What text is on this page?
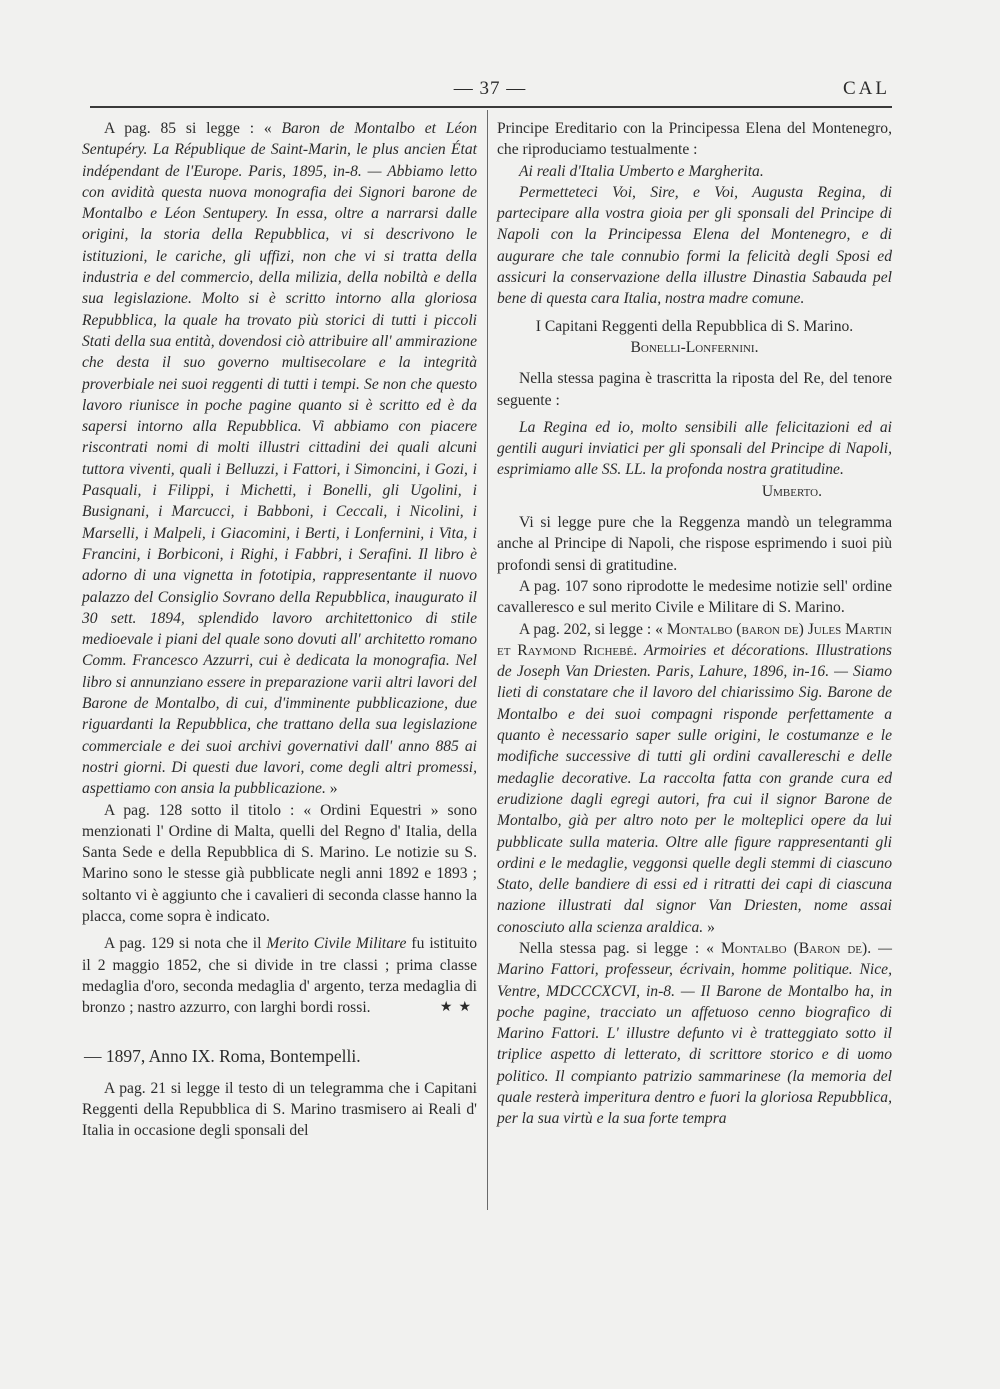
— 37 —	CAL

A pag. 85 si legge : « Baron de Montalbo et Léon Sentupéry. La République de Saint-Marin, le plus ancien État indépendant de l'Europe. Paris, 1895, in-8. — Abbiamo letto con avidità questa nuova monografia dei Signori barone de Montalbo e Léon Sentupery. In essa, oltre a narrarsi dalle origini, la storia della Repubblica, vi si descrivono le istituzioni, le cariche, gli uffizi, non che vi si tratta della industria e del commercio, della milizia, della nobiltà e della sua legislazione. Molto si è scritto intorno alla gloriosa Repubblica, la quale ha trovato più storici di tutti i piccoli Stati della sua entità, dovendosi ciò attribuire all' ammirazione che desta il suo governo multisecolare e la integrità proverbiale nei suoi reggenti di tutti i tempi. Se non che questo lavoro riunisce in poche pagine quanto si è scritto ed è da sapersi intorno alla Repubblica. Vi abbiamo con piacere riscontrati nomi di molti illustri cittadini dei quali alcuni tuttora viventi, quali i Belluzzi, i Fattori, i Simoncini, i Gozi, i Pasquali, i Filippi, i Michetti, i Bonelli, gli Ugolini, i Busignani, i Marcucci, i Babboni, i Ceccali, i Nicolini, i Marselli, i Malpeli, i Giacomini, i Berti, i Lonfernini, i Vita, i Francini, i Borbiconi, i Righi, i Fabbri, i Serafini. Il libro è adorno di una vignetta in fototipia, rappresentante il nuovo palazzo del Consiglio Sovrano della Repubblica, inaugurato il 30 sett. 1894, splendido lavoro architettonico di stile medioevale i piani del quale sono dovuti all' architetto romano Comm. Francesco Azzurri, cui è dedicata la monografia. Nel libro si annunziano essere in preparazione varii altri lavori del Barone de Montalbo, di cui, d'imminente pubblicazione, due riguardanti la Repubblica, che trattano della sua legislazione commerciale e dei suoi archivi governativi dall' anno 885 ai nostri giorni. Di questi due lavori, come degli altri promessi, aspettiamo con ansia la pubblicazione. »

A pag. 128 sotto il titolo : « Ordini Equestri » sono menzionati l' Ordine di Malta, quelli del Regno d' Italia, della Santa Sede e della Repubblica di S. Marino. Le notizie su S. Marino sono le stesse già pubblicate negli anni 1892 e 1893 ; soltanto vi è aggiunto che i cavalieri di seconda classe hanno la placca, come sopra è indicato.

A pag. 129 si nota che il Merito Civile Militare fu istituito il 2 maggio 1852, che si divide in tre classi ; prima classe medaglia d'oro, seconda medaglia d' argento, terza medaglia di bronzo ; nastro azzurro, con larghi bordi rossi.	★★

— 1897, Anno IX. Roma, Bontempelli.

A pag. 21 si legge il testo di un telegramma che i Capitani Reggenti della Repubblica di S. Marino trasmisero ai Reali d' Italia in occasione degli sponsali del

Principe Ereditario con la Principessa Elena del Montenegro, che riproduciamo testualmente :

Ai reali d'Italia Umberto e Margherita.

Permetteteci Voi, Sire, e Voi, Augusta Regina, di partecipare alla vostra gioia per gli sponsali del Principe di Napoli con la Principessa Elena del Montenegro, e di augurare che tale connubio formi la felicità degli Sposi ed assicuri la conservazione della illustre Dinastia Sabauda pel bene di questa cara Italia, nostra madre comune.

I Capitani Reggenti della Repubblica di S. Marino.

Bonelli-Lonfernini.

Nella stessa pagina è trascritta la riposta del Re, del tenore seguente :

La Regina ed io, molto sensibili alle felicitazioni ed ai gentili auguri inviatici per gli sponsali del Principe di Napoli, esprimiamo alle SS. LL. la profonda nostra gratitudine.

Umberto.

Vi si legge pure che la Reggenza mandò un telegramma anche al Principe di Napoli, che rispose esprimendo i suoi più profondi sensi di gratitudine.

A pag. 107 sono riprodotte le medesime notizie sell' ordine cavalleresco e sul merito Civile e Militare di S. Marino.

A pag. 202, si legge : « Montalbo (baron de) Jules Martin et Raymond Richebé. Armoiries et décorations. Illustrations de Joseph Van Driesten. Paris, Lahure, 1896, in-16. — Siamo lieti di constatare che il lavoro del chiarissimo Sig. Barone de Montalbo e dei suoi compagni risponde perfettamente a quanto è necessario saper sulle origini, le costumanze e le modifiche successive di tutti gli ordini cavallereschi e delle medaglie decorative. La raccolta fatta con grande cura ed erudizione dagli egregi autori, fra cui il signor Barone de Montalbo, già per altro noto per le molteplici opere da lui pubblicate sulla materia. Oltre alle figure rappresentanti gli ordini e le medaglie, veggonsi quelle degli stemmi di ciascuno Stato, delle bandiere di essi ed i ritratti dei capi di ciascuna nazione illustrati dal signor Van Driesten, nome assai conosciuto alla scienza araldica. »

Nella stessa pag. si legge : « Montalbo (Baron de). — Marino Fattori, professeur, écrivain, homme politique. Nice, Ventre, MDCCCXCVI, in-8. — Il Barone de Montalbo ha, in poche pagine, tracciato un affetuoso cenno biografico di Marino Fattori. L' illustre defunto vi è tratteggiato sotto il triplice aspetto di letterato, di scrittore storico e di uomo politico. Il compianto patrizio sammarinese (la memoria del quale resterà imperitura dentro e fuori la gloriosa Repubblica, per la sua virtù e la sua forte tempra
